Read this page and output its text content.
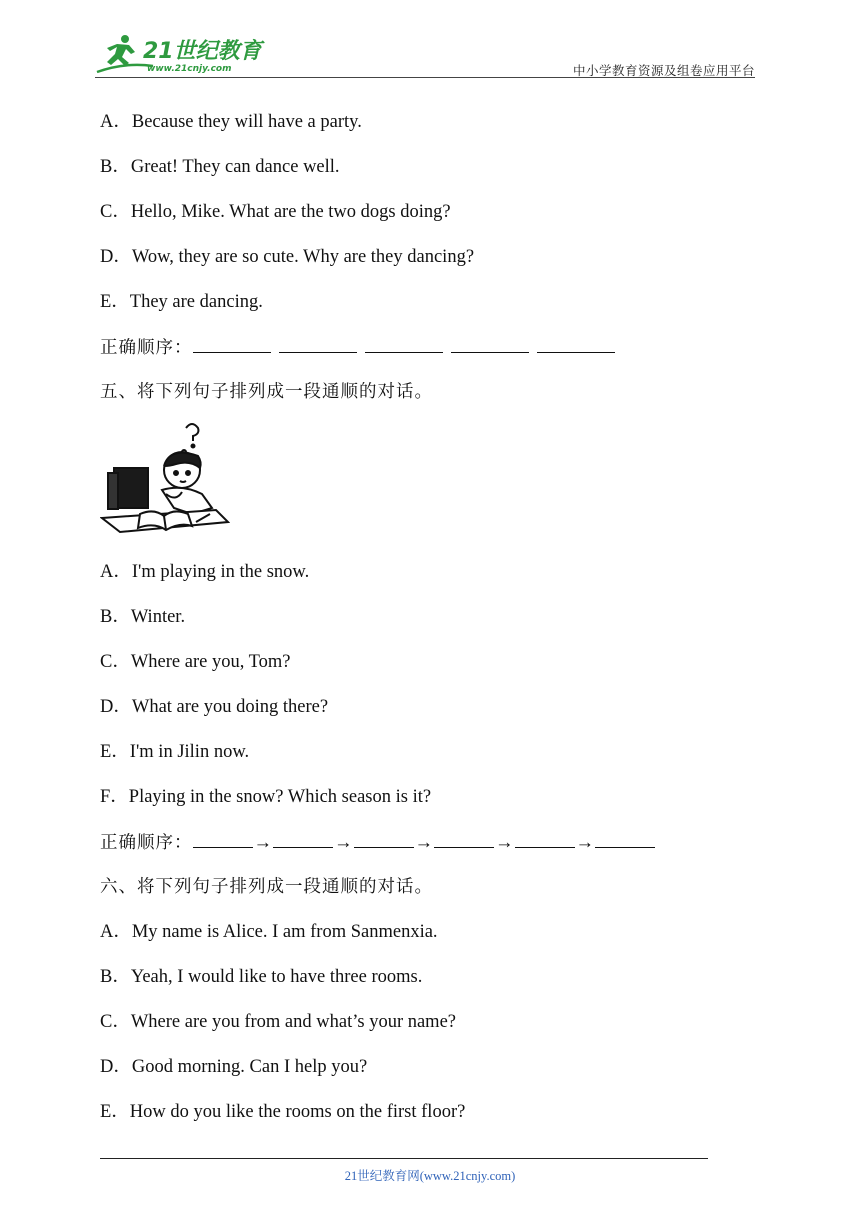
21世纪教育
www.21cnjy.com	中小学教育资源及组卷应用平台
A．Because they will have a party.
B．Great! They can dance well.
C．Hello, Mike. What are the two dogs doing?
D．Wow, they are so cute. Why are they dancing?
E．They are dancing.
正确顺序：
五、将下列句子排列成一段通顺的对话。
A．I'm playing in the snow.
B．Winter.
C．Where are you, Tom?
D．What are you doing there?
E．I'm in Jilin now.
F．Playing in the snow? Which season is it?
正确顺序：	→	→	→	→	→
六、将下列句子排列成一段通顺的对话。
A．My name is Alice. I am from Sanmenxia.
B．Yeah, I would like to have three rooms.
C．Where are you from and what’s your name?
D．Good morning. Can I help you?
E．How do you like the rooms on the first floor?
21世纪教育网(www.21cnjy.com)
